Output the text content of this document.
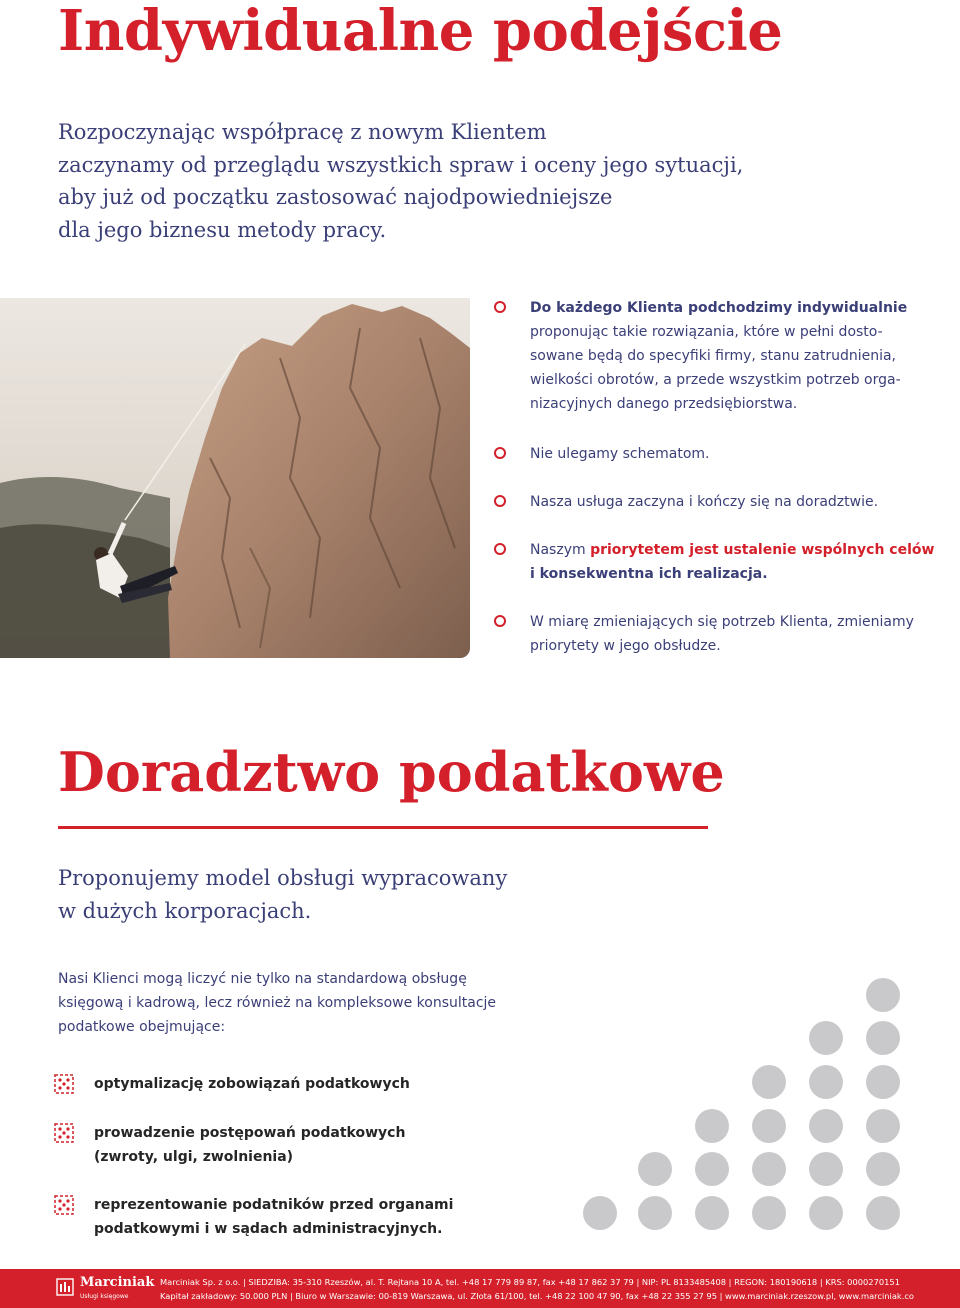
Indywidualne podejście
Rozpoczynając współpracę z nowym Klientem
zaczynamy od przeglądu wszystkich spraw i oceny jego sytuacji,
aby już od początku zastosować najodpowiedniejsze
dla jego biznesu metody pracy.
Do każdego Klienta podchodzimy indywidualnie
proponując takie rozwiązania, które w pełni dosto-
sowane będą do specyfiki firmy, stanu zatrudnienia,
wielkości obrotów, a przede wszystkim potrzeb orga-
nizacyjnych danego przedsiębiorstwa.
Nie ulegamy schematom.
Nasza usługa zaczyna i kończy się na doradztwie.
Naszym priorytetem jest ustalenie wspólnych celów
i konsekwentna ich realizacja.
W miarę zmieniających się potrzeb Klienta, zmieniamy
priorytety w jego obsłudze.
Doradztwo podatkowe
Proponujemy model obsługi wypracowany
w dużych korporacjach.
Nasi Klienci mogą liczyć nie tylko na standardową obsługę
księgową i kadrową, lecz również na kompleksowe konsultacje
podatkowe obejmujące:
optymalizację zobowiązań podatkowych
prowadzenie postępowań podatkowych
(zwroty, ulgi, zwolnienia)
reprezentowanie podatników przed organami
podatkowymi i w sądach administracyjnych.
Marciniak
Usługi księgowe
Marciniak Sp. z o.o. | SIEDZIBA: 35-310 Rzeszów, al. T. Rejtana 10 A, tel. +48 17 779 89 87, fax +48 17 862 37 79 | NIP: PL 8133485408 | REGON: 180190618 | KRS: 0000270151
Kapitał zakładowy: 50.000 PLN | Biuro w Warszawie: 00-819 Warszawa, ul. Złota 61/100, tel. +48 22 100 47 90, fax +48 22 355 27 95 | www.marciniak.rzeszow.pl, www.marciniak.co
